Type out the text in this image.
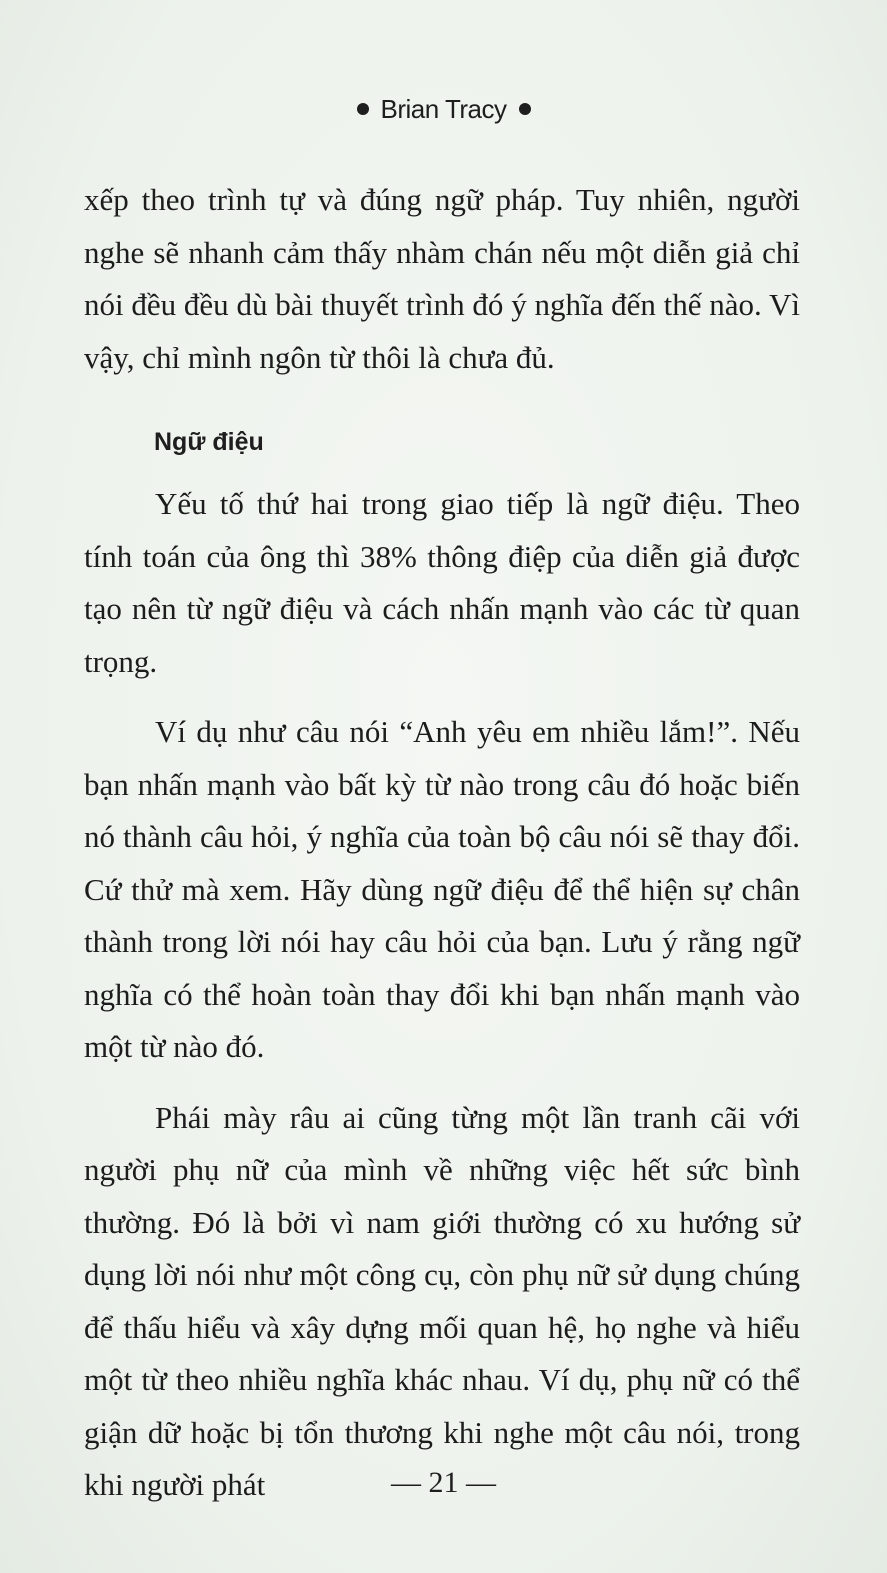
Brian Tracy

xếp theo trình tự và đúng ngữ pháp. Tuy nhiên, người nghe sẽ nhanh cảm thấy nhàm chán nếu một diễn giả chỉ nói đều đều dù bài thuyết trình đó ý nghĩa đến thế nào. Vì vậy, chỉ mình ngôn từ thôi là chưa đủ.

Ngữ điệu

Yếu tố thứ hai trong giao tiếp là ngữ điệu. Theo tính toán của ông thì 38% thông điệp của diễn giả được tạo nên từ ngữ điệu và cách nhấn mạnh vào các từ quan trọng.

Ví dụ như câu nói “Anh yêu em nhiều lắm!”. Nếu bạn nhấn mạnh vào bất kỳ từ nào trong câu đó hoặc biến nó thành câu hỏi, ý nghĩa của toàn bộ câu nói sẽ thay đổi. Cứ thử mà xem. Hãy dùng ngữ điệu để thể hiện sự chân thành trong lời nói hay câu hỏi của bạn. Lưu ý rằng ngữ nghĩa có thể hoàn toàn thay đổi khi bạn nhấn mạnh vào một từ nào đó.

Phái mày râu ai cũng từng một lần tranh cãi với người phụ nữ của mình về những việc hết sức bình thường. Đó là bởi vì nam giới thường có xu hướng sử dụng lời nói như một công cụ, còn phụ nữ sử dụng chúng để thấu hiểu và xây dựng mối quan hệ, họ nghe và hiểu một từ theo nhiều nghĩa khác nhau. Ví dụ, phụ nữ có thể giận dữ hoặc bị tổn thương khi nghe một câu nói, trong khi người phát	— 21 —
